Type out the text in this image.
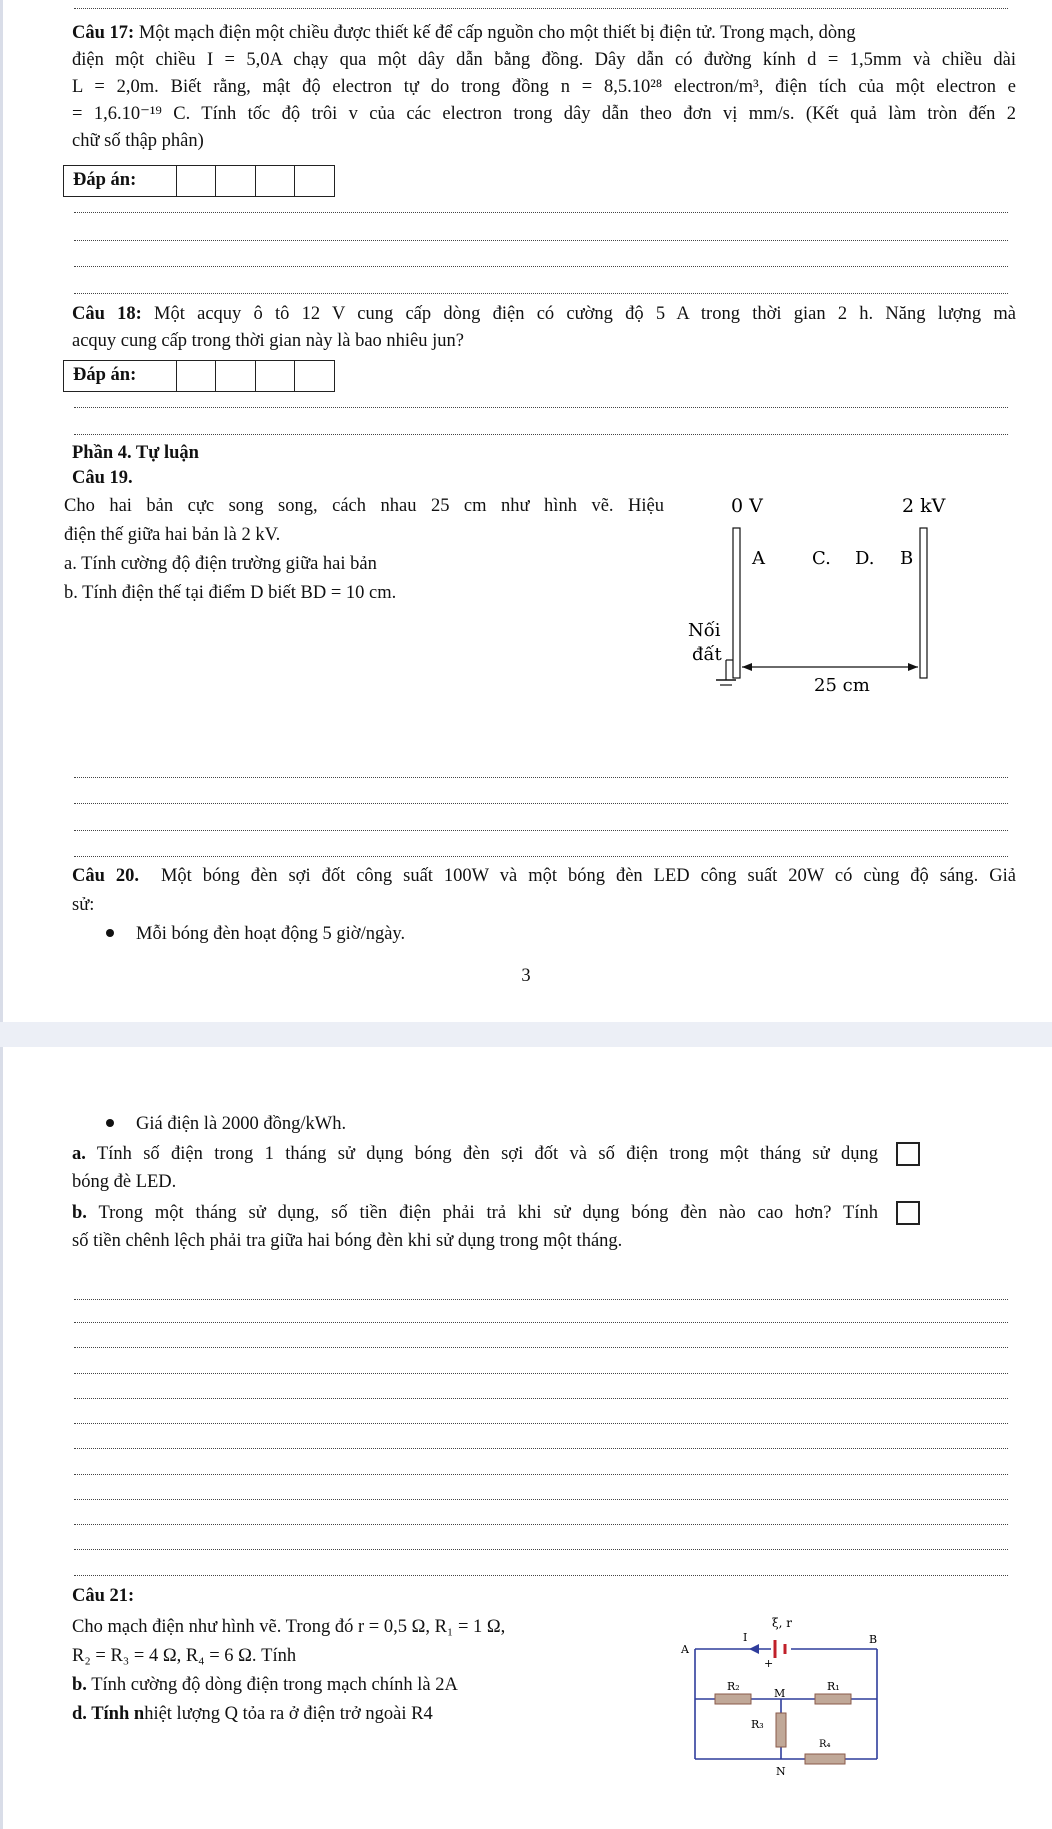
Câu 17: Một mạch điện một chiều được thiết kế để cấp nguồn cho một thiết bị điện tử. Trong mạch, dòng
điện một chiều I = 5,0A chạy qua một dây dẫn bằng đồng. Dây dẫn có đường kính d = 1,5mm và chiều dài
L = 2,0m. Biết rằng, mật độ electron tự do trong đồng n = 8,5.10²⁸ electron/m³, điện tích của một electron e
= 1,6.10⁻¹⁹ C. Tính tốc độ trôi v của các electron trong dây dẫn theo đơn vị mm/s. (Kết quả làm tròn đến 2
chữ số thập phân)
Đáp án:
Câu 18: Một acquy ô tô 12 V cung cấp dòng điện có cường độ 5 A trong thời gian 2 h. Năng lượng mà
acquy cung cấp trong thời gian này là bao nhiêu jun?
Đáp án:
Phần 4. Tự luận
Câu 19.
Cho hai bản cực song song, cách nhau 25 cm như hình vẽ. Hiệu
điện thế giữa hai bản là 2 kV.
a. Tính cường độ điện trường giữa hai bản
b. Tính điện thế tại điểm D biết BD = 10 cm.
0 V	2 kV
A	C. D. B
Nối
đất
25 cm
Câu 20. Một bóng đèn sợi đốt công suất 100W và một bóng đèn LED công suất 20W có cùng độ sáng. Giả
sử:
Mỗi bóng đèn hoạt động 5 giờ/ngày.
3
Giá điện là 2000 đồng/kWh.
a. Tính số điện trong 1 tháng sử dụng bóng đèn sợi đốt và số điện trong một tháng sử dụng
bóng đè LED.
b. Trong một tháng sử dụng, số tiền điện phải trả khi sử dụng bóng đèn nào cao hơn? Tính
số tiền chênh lệch phải tra giữa hai bóng đèn khi sử dụng trong một tháng.
Câu 21:
Cho mạch điện như hình vẽ. Trong đó r = 0,5 Ω, R₁ = 1 Ω,
R₂ = R₃ = 4 Ω, R₄ = 6 Ω. Tính
b. Tính cường độ dòng điện trong mạch chính là 2A
d. Tính nhiệt lượng Q tỏa ra ở điện trở ngoài R4
ξ, r
I
+
A
B
M
N
R₂	R₁
R₃
R₄
